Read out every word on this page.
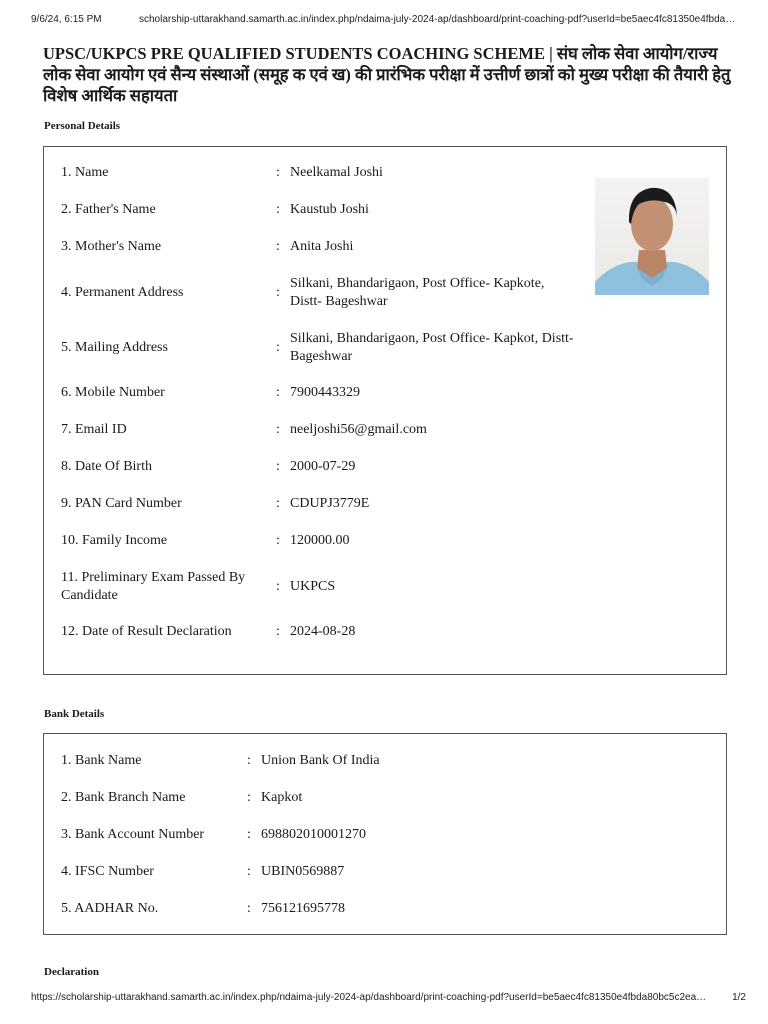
9/6/24, 6:15 PM	scholarship-uttarakhand.samarth.ac.in/index.php/ndaima-july-2024-ap/dashboard/print-coaching-pdf?userId=be5aec4fc81350e4fbda…
UPSC/UKPCS PRE QUALIFIED STUDENTS COACHING SCHEME | संघ लोक सेवा आयोग/राज्य लोक सेवा आयोग एवं सैन्य संस्थाओं (समूह क एवं ख) की प्रारंभिक परीक्षा में उत्तीर्ण छात्रों को मुख्य परीक्षा की तैयारी हेतु विशेष आर्थिक सहायता
Personal Details
1. Name	: Neelkamal Joshi
2. Father's Name	: Kaustub Joshi
3. Mother's Name	: Anita Joshi
4. Permanent Address	:
Silkani, Bhandarigaon, Post Office- Kapkote, Distt- Bageshwar
5. Mailing Address	:
Silkani, Bhandarigaon, Post Office- Kapkot, Distt- Bageshwar
6. Mobile Number	: 7900443329
7. Email ID	: neeljoshi56@gmail.com
8. Date Of Birth	: 2000-07-29
9. PAN Card Number	: CDUPJ3779E
10. Family Income	: 120000.00
11. Preliminary Exam Passed By Candidate
: UKPCS
12. Date of Result Declaration	: 2024-08-28
Bank Details
1. Bank Name	: Union Bank Of India
2. Bank Branch Name	: Kapkot
3. Bank Account Number	: 698802010001270
4. IFSC Number	: UBIN0569887
5. AADHAR No.	: 756121695778
Declaration
https://scholarship-uttarakhand.samarth.ac.in/index.php/ndaima-july-2024-ap/dashboard/print-coaching-pdf?userId=be5aec4fc81350e4fbda80bc5c2ea…	1/2
